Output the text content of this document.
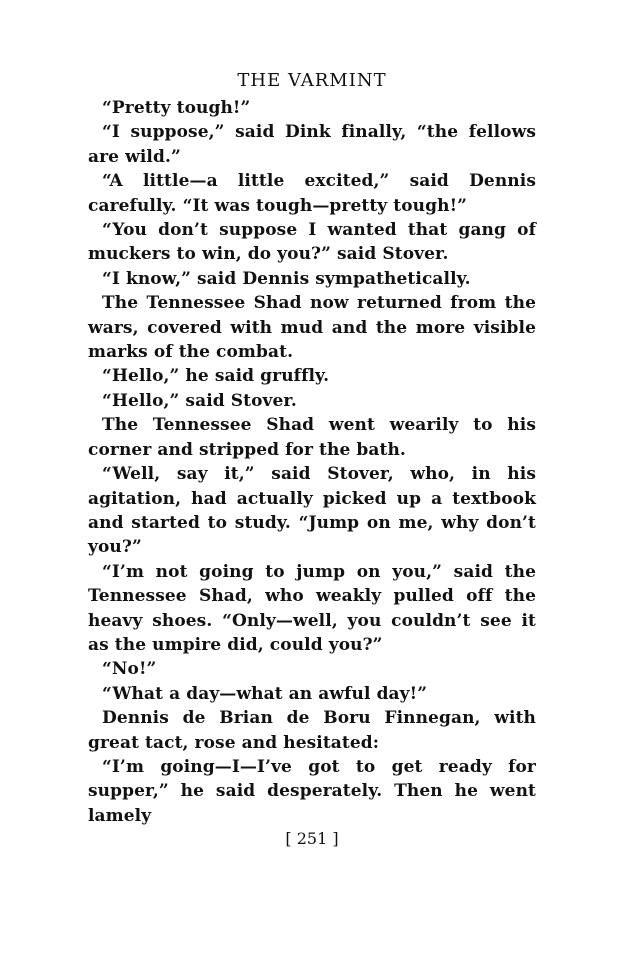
THE VARMINT

“Pretty tough!”

“I suppose,” said Dink finally, “the fellows are wild.”

“A little—a little excited,” said Dennis carefully. “It was tough—pretty tough!”

“You don’t suppose I wanted that gang of muckers to win, do you?” said Stover.

“I know,” said Dennis sympathetically.

The Tennessee Shad now returned from the wars, covered with mud and the more visible marks of the combat.

“Hello,” he said gruffly.

“Hello,” said Stover.

The Tennessee Shad went wearily to his corner and stripped for the bath.

“Well, say it,” said Stover, who, in his agitation, had actually picked up a textbook and started to study. “Jump on me, why don’t you?”

“I’m not going to jump on you,” said the Tennessee Shad, who weakly pulled off the heavy shoes. “Only—well, you couldn’t see it as the umpire did, could you?”

“No!”

“What a day—what an awful day!”

Dennis de Brian de Boru Finnegan, with great tact, rose and hesitated:

“I’m going—I—I’ve got to get ready for supper,” he said desperately. Then he went lamely

[ 251 ]
